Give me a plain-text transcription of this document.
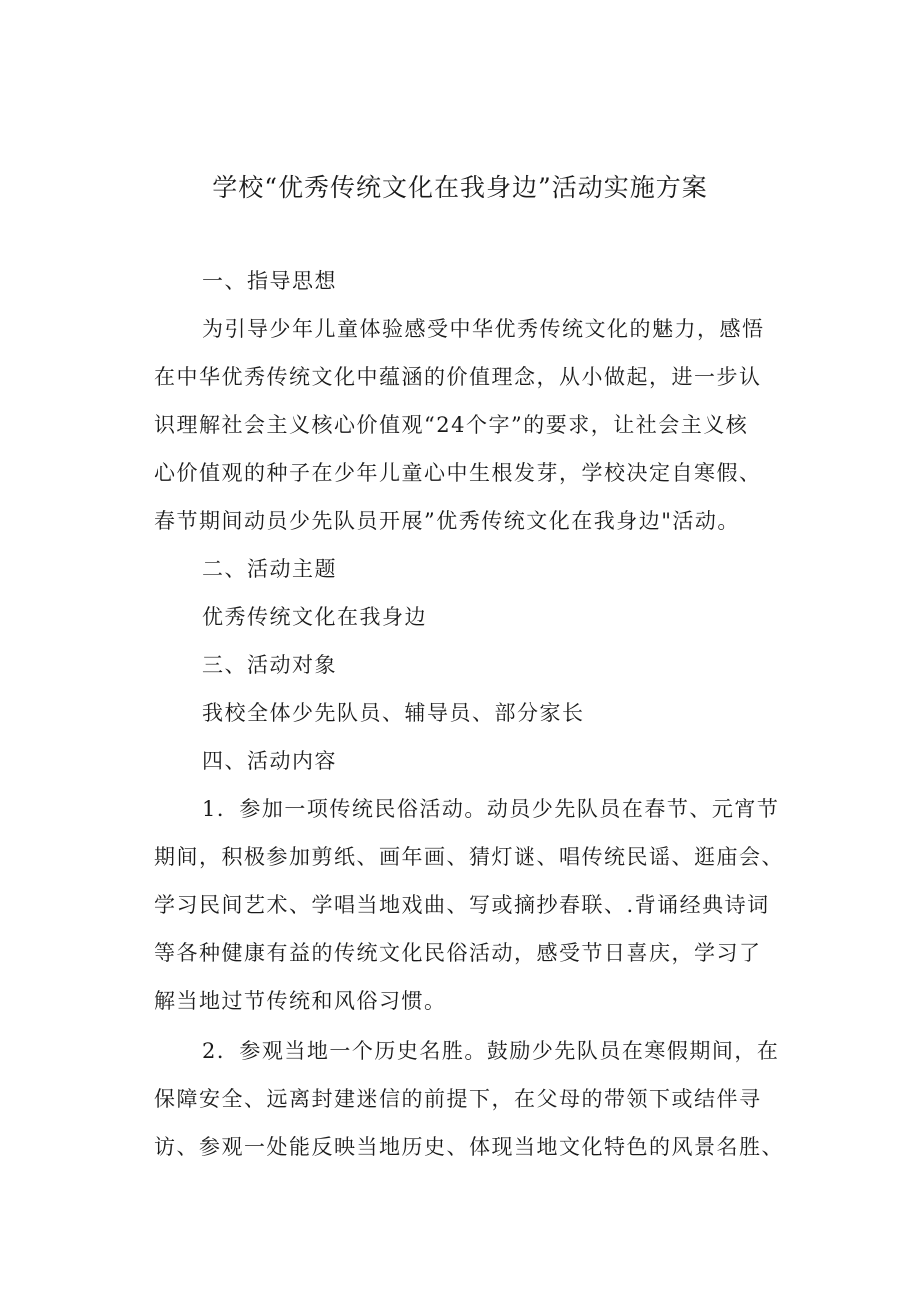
学校“优秀传统文化在我身边”活动实施方案
一、指导思想
为引导少年儿童体验感受中华优秀传统文化的魅力，感悟
在中华优秀传统文化中蕴涵的价值理念，从小做起，进一步认
识理解社会主义核心价值观“24个字”的要求，让社会主义核
心价值观的种子在少年儿童心中生根发芽，学校决定自寒假、
春节期间动员少先队员开展”优秀传统文化在我身边"活动。
二、活动主题
优秀传统文化在我身边
三、活动对象
我校全体少先队员、辅导员、部分家长
四、活动内容
1．参加一项传统民俗活动。动员少先队员在春节、元宵节
期间，积极参加剪纸、画年画、猜灯谜、唱传统民谣、逛庙会、
学习民间艺术、学唱当地戏曲、写或摘抄春联、.背诵经典诗词
等各种健康有益的传统文化民俗活动，感受节日喜庆，学习了
解当地过节传统和风俗习惯。
2．参观当地一个历史名胜。鼓励少先队员在寒假期间，在
保障安全、远离封建迷信的前提下，在父母的带领下或结伴寻
访、参观一处能反映当地历史、体现当地文化特色的风景名胜、
